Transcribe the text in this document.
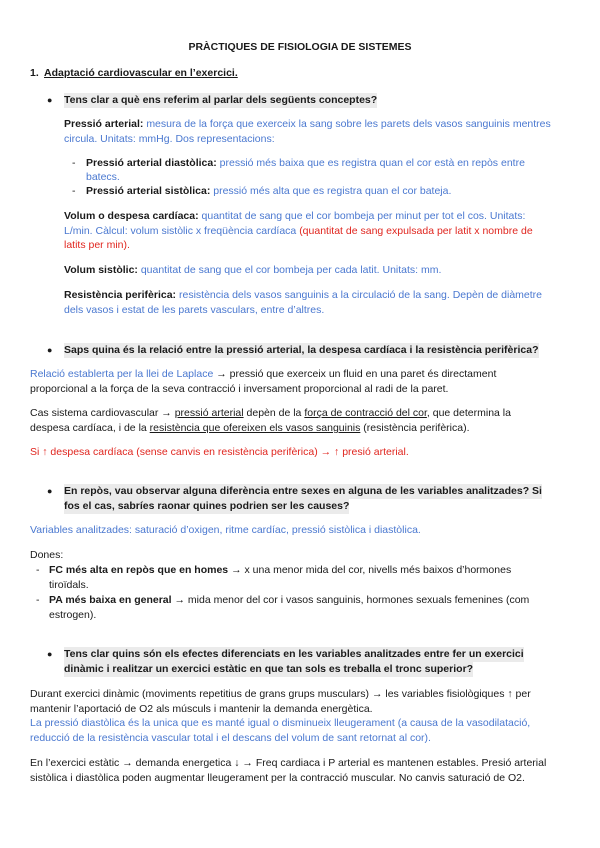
PRÀCTIQUES DE FISIOLOGIA DE SISTEMES
1. Adaptació cardiovascular en l’exercici.
● Tens clar a què ens referim al parlar dels següents conceptes?
Pressió arterial: mesura de la força que exerceix la sang sobre les parets dels vasos sanguinis mentres
circula. Unitats: mmHg. Dos representacions:
- Pressió arterial diastòlica: pressió més baixa que es registra quan el cor està en repòs entre
batecs.
- Pressió arterial sistòlica: pressió més alta que es registra quan el cor bateja.
Volum o despesa cardíaca: quantitat de sang que el cor bombeja per minut per tot el cos. Unitats:
L/min. Càlcul: volum sistòlic x freqüència cardíaca (quantitat de sang expulsada per latit x nombre de
latits per min).
Volum sistòlic: quantitat de sang que el cor bombeja per cada latit. Unitats: mm.
Resistència perifèrica: resistència dels vasos sanguinis a la circulació de la sang. Depèn de diàmetre
dels vasos i estat de les parets vasculars, entre d’altres.
● Saps quina és la relació entre la pressió arterial, la despesa cardíaca i la resistència perifèrica?
Relació establerta per la llei de Laplace → pressió que exerceix un fluid en una paret és directament
proporcional a la força de la seva contracció i inversament proporcional al radi de la paret.
Cas sistema cardiovascular → pressió arterial depèn de la força de contracció del cor, que determina la
despesa cardíaca, i de la resistència que ofereixen els vasos sanguinis (resistència perifèrica).
Si ↑ despesa cardíaca (sense canvis en resistència perifèrica) → ↑ presió arterial.
● En repòs, vau observar alguna diferència entre sexes en alguna de les variables analitzades? Si
fos el cas, sabríes raonar quines podrien ser les causes?
Variables analitzades: saturació d’oxigen, ritme cardíac, pressió sistòlica i diastòlica.
Dones:
- FC més alta en repòs que en homes → x una menor mida del cor, nivells més baixos d’hormones
tiroïdals.
- PA més baixa en general → mida menor del cor i vasos sanguinis, hormones sexuals femenines (com
estrogen).
● Tens clar quins són els efectes diferenciats en les variables analitzades entre fer un exercici
dinàmic i realitzar un exercici estàtic en que tan sols es treballa el tronc superior?
Durant exercici dinàmic (moviments repetitius de grans grups musculars) → les variables fisiològiques ↑ per
mantenir l’aportació de O2 als músculs i mantenir la demanda energètica.
La pressió diastòlica és la unica que es manté igual o disminueix lleugerament (a causa de la vasodilatació,
reducció de la resistència vascular total i el descans del volum de sant retornat al cor).
En l’exercici estàtic → demanda energetica ↓ → Freq cardiaca i P arterial es mantenen estables. Presió arterial
sistòlica i diastòlica poden augmentar lleugerament per la contracció muscular. No canvis saturació de O2.
